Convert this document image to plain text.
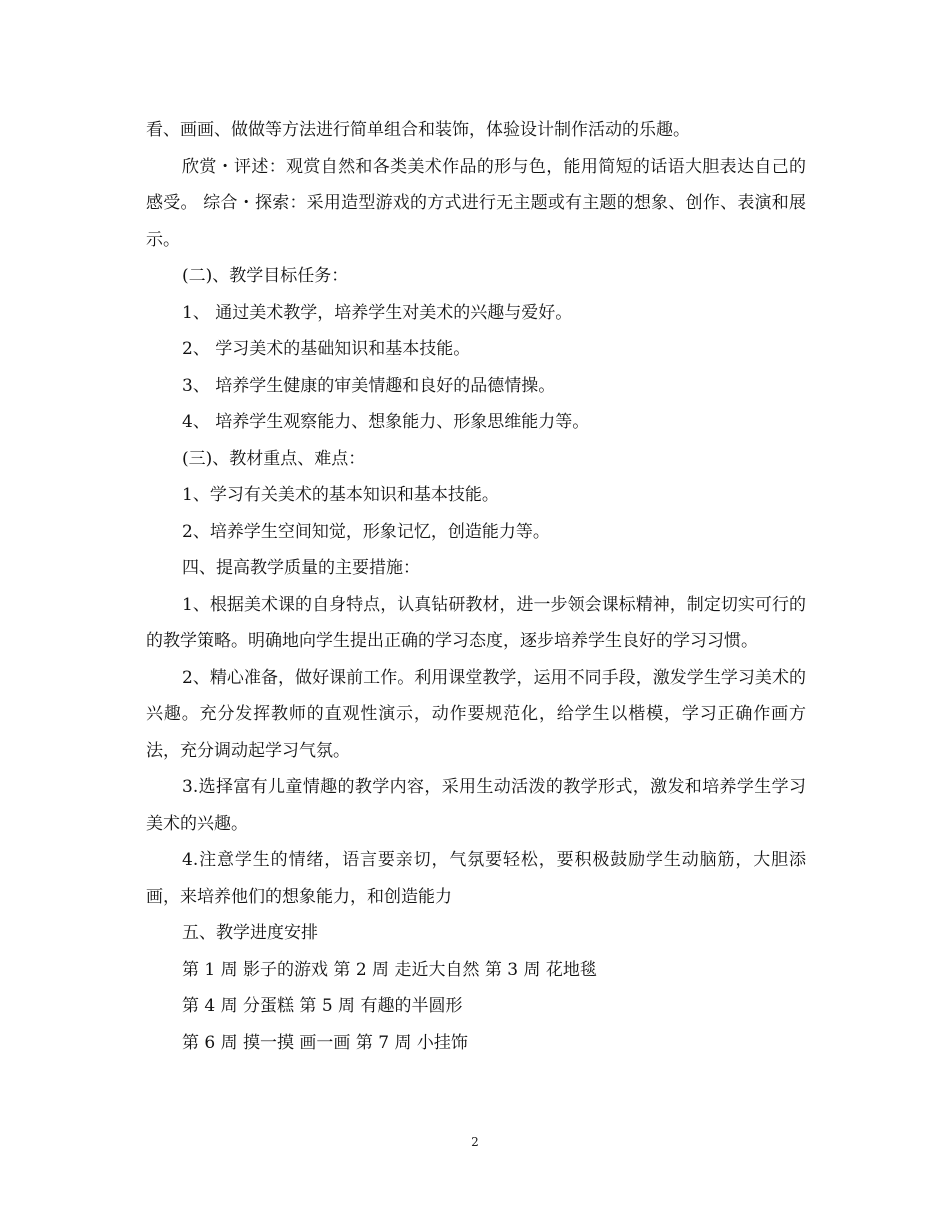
看、画画、做做等方法进行简单组合和装饰，体验设计制作活动的乐趣。

欣赏・评述：观赏自然和各类美术作品的形与色，能用简短的话语大胆表达自己的感受。 综合・探索：采用造型游戏的方式进行无主题或有主题的想象、创作、表演和展示。

(二)、教学目标任务：

1、 通过美术教学，培养学生对美术的兴趣与爱好。

2、 学习美术的基础知识和基本技能。

3、 培养学生健康的审美情趣和良好的品德情操。

4、 培养学生观察能力、想象能力、形象思维能力等。

(三)、教材重点、难点：

1、学习有关美术的基本知识和基本技能。

2、培养学生空间知觉，形象记忆，创造能力等。

四、提高教学质量的主要措施：

1、根据美术课的自身特点，认真钻研教材，进一步领会课标精神，制定切实可行的的教学策略。明确地向学生提出正确的学习态度，逐步培养学生良好的学习习惯。

2、精心准备，做好课前工作。利用课堂教学，运用不同手段，激发学生学习美术的兴趣。充分发挥教师的直观性演示，动作要规范化，给学生以楷模，学习正确作画方法，充分调动起学习气氛。

3.选择富有儿童情趣的教学内容，采用生动活泼的教学形式，激发和培养学生学习美术的兴趣。

4.注意学生的情绪，语言要亲切，气氛要轻松，要积极鼓励学生动脑筋，大胆添画，来培养他们的想象能力，和创造能力

五、教学进度安排

第 1 周 影子的游戏 第 2 周 走近大自然 第 3 周 花地毯

第 4 周 分蛋糕 第 5 周 有趣的半圆形

第 6 周 摸一摸 画一画 第 7 周 小挂饰

2
